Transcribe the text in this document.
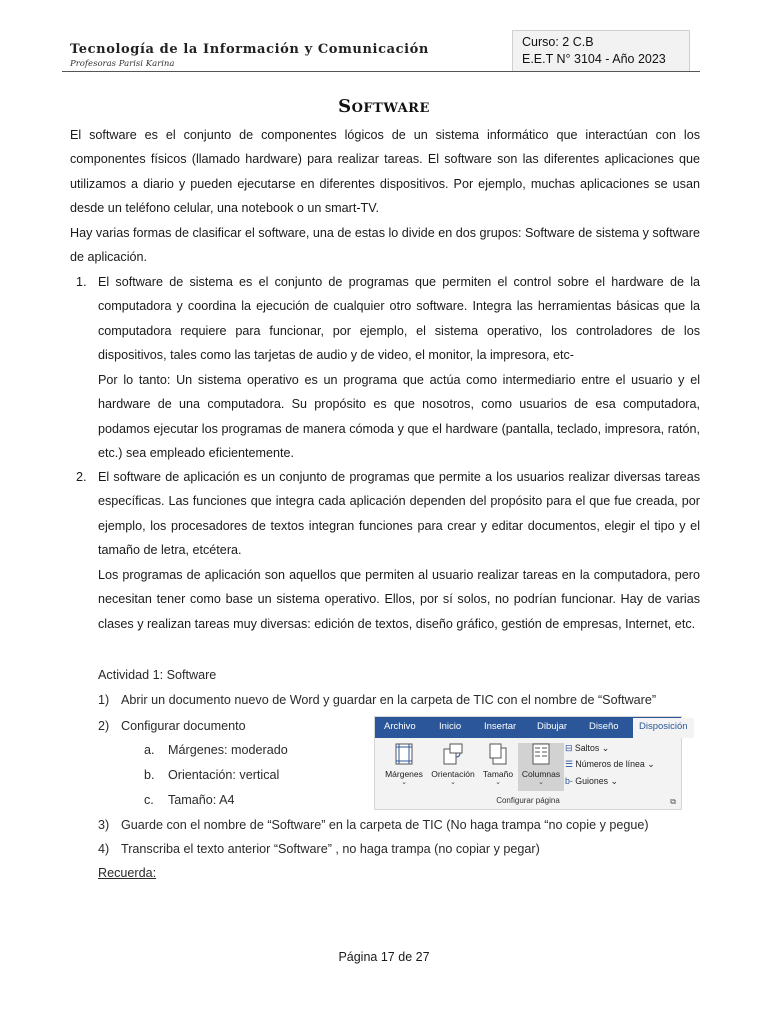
Tecnología de la Información y Comunicación
Profesoras Parisi Karina
Curso: 2 C.B
E.E.T N° 3104 - Año 2023
Software
El software es el conjunto de componentes lógicos de un sistema informático que interactúan con los componentes físicos (llamado hardware) para realizar tareas. El software son las diferentes aplicaciones que utilizamos a diario y pueden ejecutarse en diferentes dispositivos. Por ejemplo, muchas aplicaciones se usan desde un teléfono celular, una notebook o un smart-TV.
Hay varias formas de clasificar el software, una de estas lo divide en dos grupos: Software de sistema y software de aplicación.
1. El software de sistema es el conjunto de programas que permiten el control sobre el hardware de la computadora y coordina la ejecución de cualquier otro software. Integra las herramientas básicas que la computadora requiere para funcionar, por ejemplo, el sistema operativo, los controladores de los dispositivos, tales como las tarjetas de audio y de video, el monitor, la impresora, etc-
Por lo tanto: Un sistema operativo es un programa que actúa como intermediario entre el usuario y el hardware de una computadora. Su propósito es que nosotros, como usuarios de esa computadora, podamos ejecutar los programas de manera cómoda y que el hardware (pantalla, teclado, impresora, ratón, etc.) sea empleado eficientemente.
2. El software de aplicación es un conjunto de programas que permite a los usuarios realizar diversas tareas específicas. Las funciones que integra cada aplicación dependen del propósito para el que fue creada, por ejemplo, los procesadores de textos integran funciones para crear y editar documentos, elegir el tipo y el tamaño de letra, etcétera.
Los programas de aplicación son aquellos que permiten al usuario realizar tareas en la computadora, pero necesitan tener como base un sistema operativo. Ellos, por sí solos, no podrían funcionar. Hay de varias clases y realizan tareas muy diversas: edición de textos, diseño gráfico, gestión de empresas, Internet, etc.
Actividad 1: Software
1) Abrir un documento nuevo de Word y guardar en la carpeta de TIC con el nombre de “Software”
2) Configurar documento
a. Márgenes: moderado
b. Orientación: vertical
c. Tamaño: A4
3) Guarde con el nombre de “Software” en la carpeta de TIC (No haga trampa “no copie y pegue)
4) Transcriba el texto anterior “Software” , no haga trampa (no copiar y pegar)
Recuerda:
Archivo Inicio Insertar Dibujar Diseño	Disposición
Márgenes
⌄
Orientación
⌄
Tamaño
⌄
Columnas
⌄
⊟ Saltos ⌄
☰ Números de línea ⌄
b‑ Guiones ⌄
Configurar página	⧉
Página 17 de 27
